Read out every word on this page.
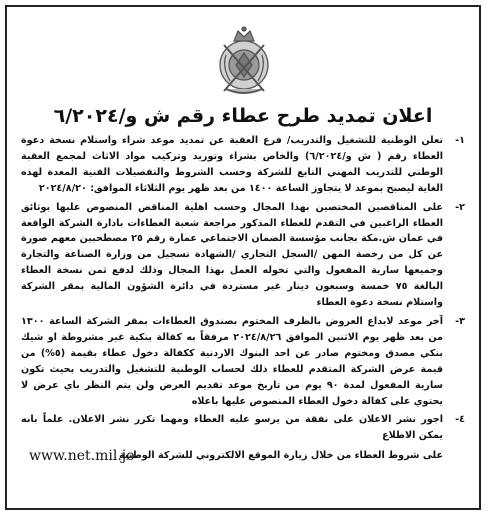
اعلان تمديد طرح عطاء رقم ش و/٦/٢٠٢٤
١-
تعلن الوطنية للتشغيل والتدريب/ فرع العقبة عن تمديد موعد شراء واستلام نسخة دعوة العطاء رقم ( ش و/٦/٢٠٢٤) والخاص بشراء وتوريد وتركيب مواد الاثاث لمجمع العقبة الوطني للتدريب المهني التابع للشركة وحسب الشروط والتفصيلات الفنية المعدة لهذه الغاية ليصبح بموعد لا يتجاوز الساعة ١٤٠٠ من بعد ظهر يوم الثلاثاء الموافق: ٢٠٢٤/٨/٢٠
٢-
على المناقصين المختصين بهذا المجال وحسب اهلية المناقص المنصوص عليها بوثائق العطاء الراغبين في التقدم للعطاء المذكور مراجعة شعبة العطاءات بادارة الشركة الواقعة في عمان ش.مكة بجانب مؤسسة الضمان الاجتماعي عمارة رقم ٢٥ مصطحبين معهم صورة عن كل من رخصة المهن /السجل التجاري /الشهادة تسجيل من وزارة الصناعة والتجارة وجميعها سارية المفعول والتي تخوله العمل بهذا المجال وذلك لدفع ثمن نسخة العطاء البالغة ٧٥ خمسة وسبعون دينار غير مستردة في دائرة الشؤون المالية بمقر الشركة واستلام نسخة دعوة العطاء
٣-
آخر موعد لايداع العروض بالظرف المختوم بصندوق العطاءات بمقر الشركة الساعة ١٣٠٠ من بعد ظهر يوم الاثنين الموافق ٢٠٢٤/٨/٢٦ مرفقاً به كفالة بنكية غير مشروطة او شيك بنكي مصدق ومختوم صادر عن احد البنوك الاردنية ككفالة دخول عطاء بقيمة (٥%) من قيمة عرض الشركة المتقدم للعطاء ذلك لحساب الوطنية للتشغيل والتدريب بحيث تكون سارية المفعول لمدة ٩٠ يوم من تاريخ موعد تقديم العرض ولن يتم النظر باي عرض لا يحتوي على كفالة دخول العطاء المنصوص عليها باعلاه
٤-
اجور نشر الاعلان على نفقة من يرسو عليه العطاء ومهما تكرر نشر الاعلان. علماً بانه يمكن الاطلاع
على شروط العطاء من خلال زيارة الموقع الالكتروني للشركة الوطنية
www.net.mil.jo
